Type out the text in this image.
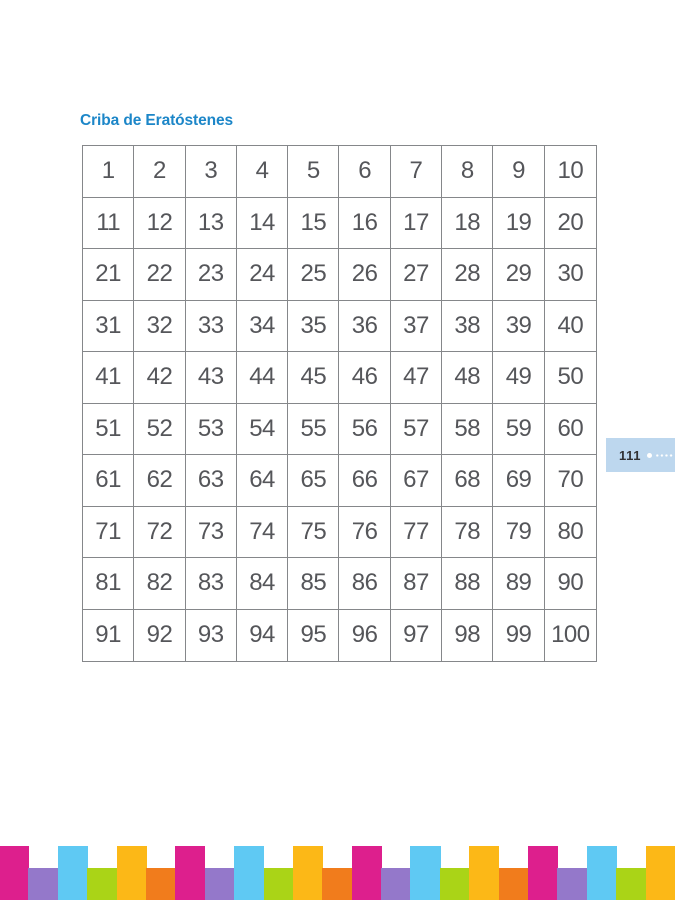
Criba de Eratóstenes
1	2	3	4	5	6	7	8	9	10
11	12	13	14	15	16	17	18	19	20
21	22	23	24	25	26	27	28	29	30
31	32	33	34	35	36	37	38	39	40
41	42	43	44	45	46	47	48	49	50
51	52	53	54	55	56	57	58	59	60
61	62	63	64	65	66	67	68	69	70
71	72	73	74	75	76	77	78	79	80
81	82	83	84	85	86	87	88	89	90
91	92	93	94	95	96	97	98	99 100
111
